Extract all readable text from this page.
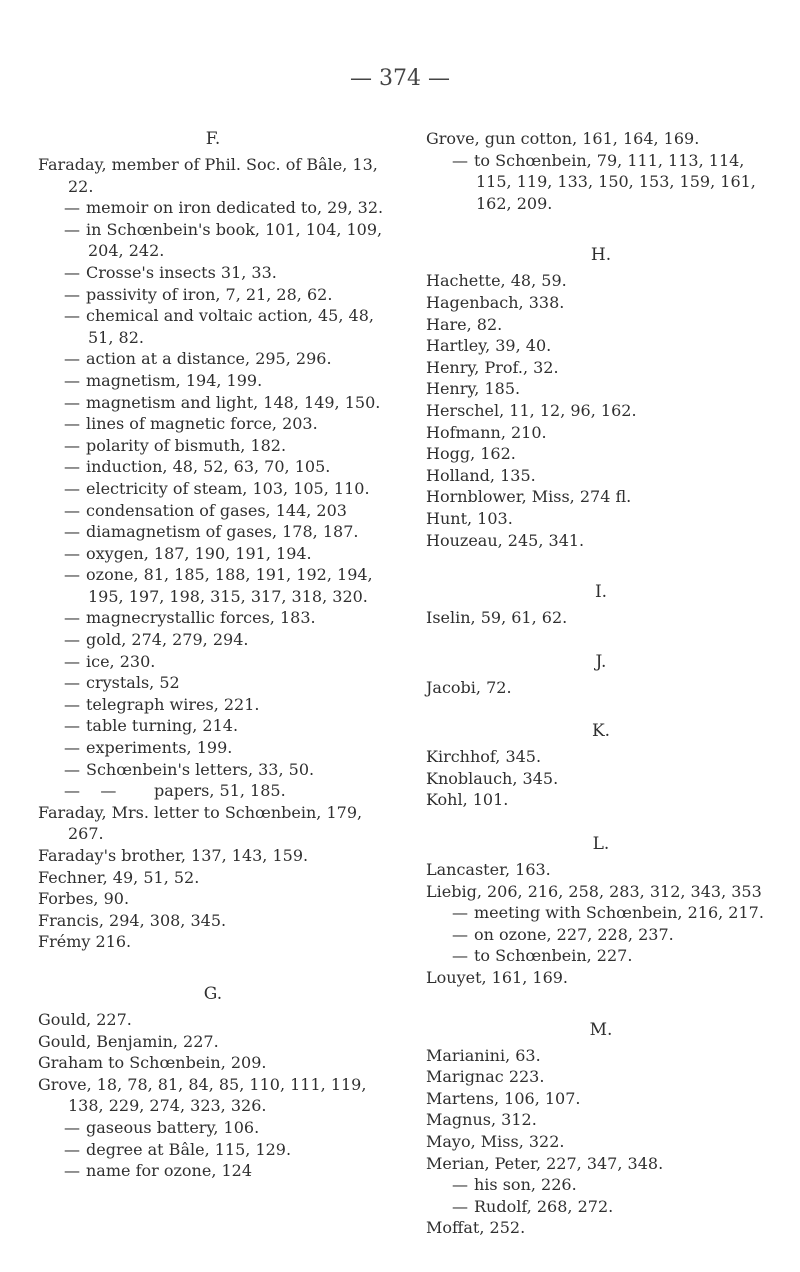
— 374 —
F.
Faraday, member of Phil. Soc. of Bâle, 13, 22.
— memoir on iron dedicated to, 29, 32.
— in Schœnbein's book, 101, 104, 109, 204, 242.
— Crosse's insects 31, 33.
— passivity of iron, 7, 21, 28, 62.
— chemical and voltaic action, 45, 48, 51, 82.
— action at a distance, 295, 296.
— magnetism, 194, 199.
— magnetism and light, 148, 149, 150.
— lines of magnetic force, 203.
— polarity of bismuth, 182.
— induction, 48, 52, 63, 70, 105.
— electricity of steam, 103, 105, 110.
— condensation of gases, 144, 203
— diamagnetism of gases, 178, 187.
— oxygen, 187, 190, 191, 194.
— ozone, 81, 185, 188, 191, 192, 194, 195, 197, 198, 315, 317, 318, 320.
— magnecrystallic forces, 183.
— gold, 274, 279, 294.
— ice, 230.
— crystals, 52
— telegraph wires, 221.
— table turning, 214.
— experiments, 199.
— Schœnbein's letters, 33, 50.
—    — papers, 51, 185.
Faraday, Mrs. letter to Schœnbein, 179, 267.
Faraday's brother, 137, 143, 159.
Fechner, 49, 51, 52.
Forbes, 90.
Francis, 294, 308, 345.
Frémy 216.
G.
Gould, 227.
Gould, Benjamin, 227.
Graham to Schœnbein, 209.
Grove, 18, 78, 81, 84, 85, 110, 111, 119, 138, 229, 274, 323, 326.
— gaseous battery, 106.
— degree at Bâle, 115, 129.
— name for ozone, 124
Grove, gun cotton, 161, 164, 169.
— to Schœnbein, 79, 111, 113, 114, 115, 119, 133, 150, 153, 159, 161, 162, 209.
H.
Hachette, 48, 59.
Hagenbach, 338.
Hare, 82.
Hartley, 39, 40.
Henry, Prof., 32.
Henry, 185.
Herschel, 11, 12, 96, 162.
Hofmann, 210.
Hogg, 162.
Holland, 135.
Hornblower, Miss, 274 fl.
Hunt, 103.
Houzeau, 245, 341.
I.
Iselin, 59, 61, 62.
J.
Jacobi, 72.
K.
Kirchhof, 345.
Knoblauch, 345.
Kohl, 101.
L.
Lancaster, 163.
Liebig, 206, 216, 258, 283, 312, 343, 353
— meeting with Schœnbein, 216, 217.
— on ozone, 227, 228, 237.
— to Schœnbein, 227.
Louyet, 161, 169.
M.
Marianini, 63.
Marignac 223.
Martens, 106, 107.
Magnus, 312.
Mayo, Miss, 322.
Merian, Peter, 227, 347, 348.
— his son, 226.
— Rudolf, 268, 272.
Moffat, 252.
